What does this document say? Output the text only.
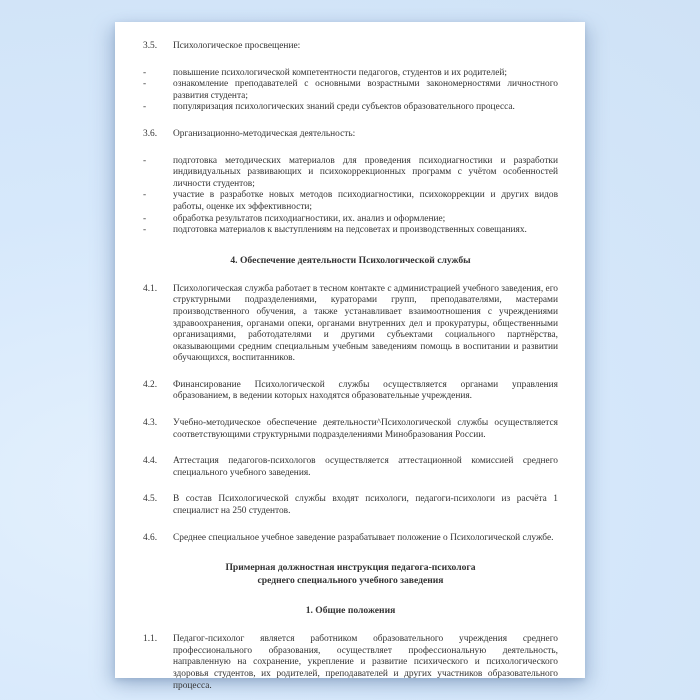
3.5.	Психологическое просвещение:

-	повышение психологической компетентности педагогов, студентов и их родителей;

-	ознакомление преподавателей с основными возрастными закономерностями личностного развития студента;

-	популяризация психологических знаний среди субъектов образовательного процесса.

3.6.	Организационно-методическая деятельность:

-	подготовка методических материалов для проведения психодиагностики и разработки индивидуальных развивающих и психокоррекционных программ с учётом особенностей личности студентов;

-	участие в разработке новых методов психодиагностики, психокоррекции и других видов работы, оценке их эффективности;

-	обработка результатов психодиагностики, их. анализ и оформление;

-	подготовка материалов к выступлениям на педсоветах и производственных совещаниях.

4. Обеспечение деятельности Психологической службы
4.1.	Психологическая служба работает в тесном контакте с администрацией учебного заведения, его структурными подразделениями, кураторами групп, преподавателями, мастерами производственного обучения, а также устанавливает взаимоотношения с учреждениями здравоохранения, органами опеки, органами внутренних дел и прокуратуры, общественными организациями, работодателями и другими субъектами социального партнёрства, оказывающими средним специальным учебным заведениям помощь в воспитании и развитии обучающихся, воспитанников.

4.2.	Финансирование Психологической службы осуществляется органами управления образованием, в ведении которых находятся образовательные учреждения.

4.3.	Учебно-методическое обеспечение деятельности^Психологической службы осуществляется соответствующими структурными подразделениями Минобразования России.

4.4.	Аттестация педагогов-психологов осуществляется аттестационной комиссией среднего специального учебного заведения.

4.5.	В состав Психологической службы входят психологи, педагоги-психологи из расчёта 1 специалист на 250 студентов.

4.6.	Среднее специальное учебное заведение разрабатывает положение о Психологической службе.

Примерная должностная инструкция педагога-психолога
среднего специального учебного заведения
1. Общие положения
1.1.	Педагог-психолог является работником образовательного учреждения среднего профессионального образования, осуществляет профессиональную деятельность, направленную на сохранение, укрепление и развитие психического и психологического здоровья студентов, их родителей, преподавателей и других участников образовательного процесса.
